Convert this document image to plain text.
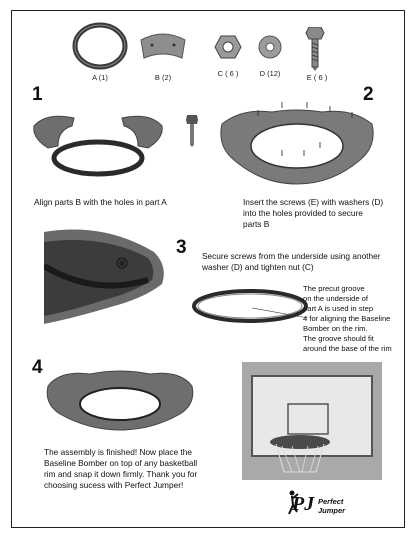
A (1)	B (2)	C ( 6 )	D (12)	E ( 6 )
1
Align parts B with the holes in part A
2

Insert the screws (E) with washers (D)

into the holes provided to secure

parts B

3 Secure screws from the underside using another

washer (D) and tighten nut (C)

The precut groove

on the underside of

part A is used in step

4 for aligning the Baseline

Bomber on the rim.

The groove should fit

around the base of the rim

4

The assembly is finished! Now place the

Baseline Bomber on top of any basketball

rim and snap it down firmly. Thank you for

choosing sucess with Perfect Jumper!

PJ Perfect
Jumper
